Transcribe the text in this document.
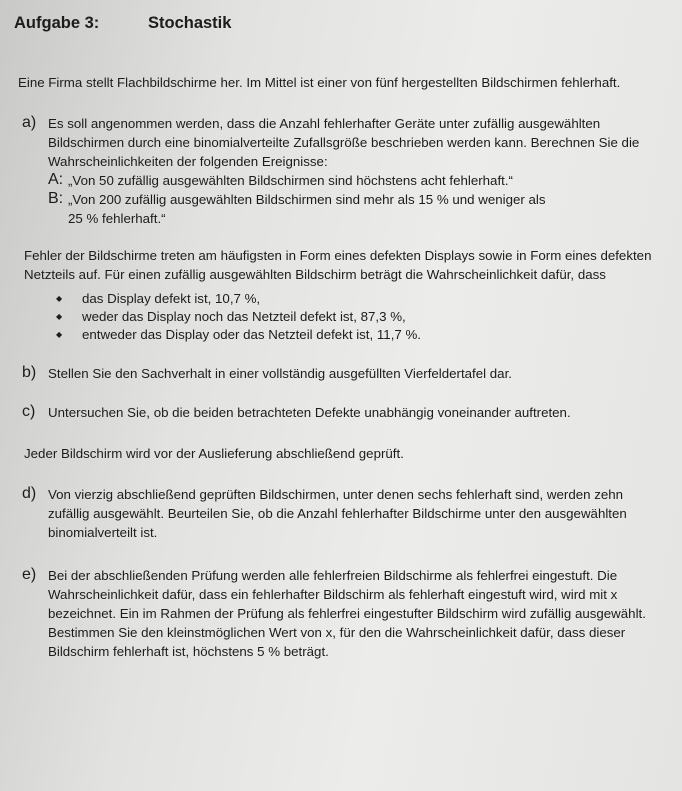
Aufgabe 3:	Stochastik

Eine Firma stellt Flachbildschirme her. Im Mittel ist einer von fünf hergestellten Bildschirmen fehlerhaft.

a) Es soll angenommen werden, dass die Anzahl fehlerhafter Geräte unter zufällig ausgewählten Bildschirmen durch eine binomialverteilte Zufallsgröße beschrieben werden kann. Berechnen Sie die Wahrscheinlichkeiten der folgenden Ereignisse:

A: „Von 50 zufällig ausgewählten Bildschirmen sind höchstens acht fehlerhaft.“
B: „Von 200 zufällig ausgewählten Bildschirmen sind mehr als 15 % und weniger als
25 % fehlerhaft.“

Fehler der Bildschirme treten am häufigsten in Form eines defekten Displays sowie in Form eines defekten Netzteils auf. Für einen zufällig ausgewählten Bildschirm beträgt die Wahrscheinlichkeit dafür, dass

◆ das Display defekt ist, 10,7 %,
◆ weder das Display noch das Netzteil defekt ist, 87,3 %,
◆ entweder das Display oder das Netzteil defekt ist, 11,7 %.
b) Stellen Sie den Sachverhalt in einer vollständig ausgefüllten Vierfeldertafel dar.

c) Untersuchen Sie, ob die beiden betrachteten Defekte unabhängig voneinander auftreten.

Jeder Bildschirm wird vor der Auslieferung abschließend geprüft.

d) Von vierzig abschließend geprüften Bildschirmen, unter denen sechs fehlerhaft sind, werden zehn zufällig ausgewählt. Beurteilen Sie, ob die Anzahl fehlerhafter Bildschirme unter den ausgewählten binomialverteilt ist.

e) Bei der abschließenden Prüfung werden alle fehlerfreien Bildschirme als fehlerfrei eingestuft. Die Wahrscheinlichkeit dafür, dass ein fehlerhafter Bildschirm als fehlerhaft eingestuft wird, wird mit x bezeichnet. Ein im Rahmen der Prüfung als fehlerfrei eingestufter Bildschirm wird zufällig ausgewählt. Bestimmen Sie den kleinstmöglichen Wert von x, für den die Wahrscheinlichkeit dafür, dass dieser Bildschirm fehlerhaft ist, höchstens 5 % beträgt.
